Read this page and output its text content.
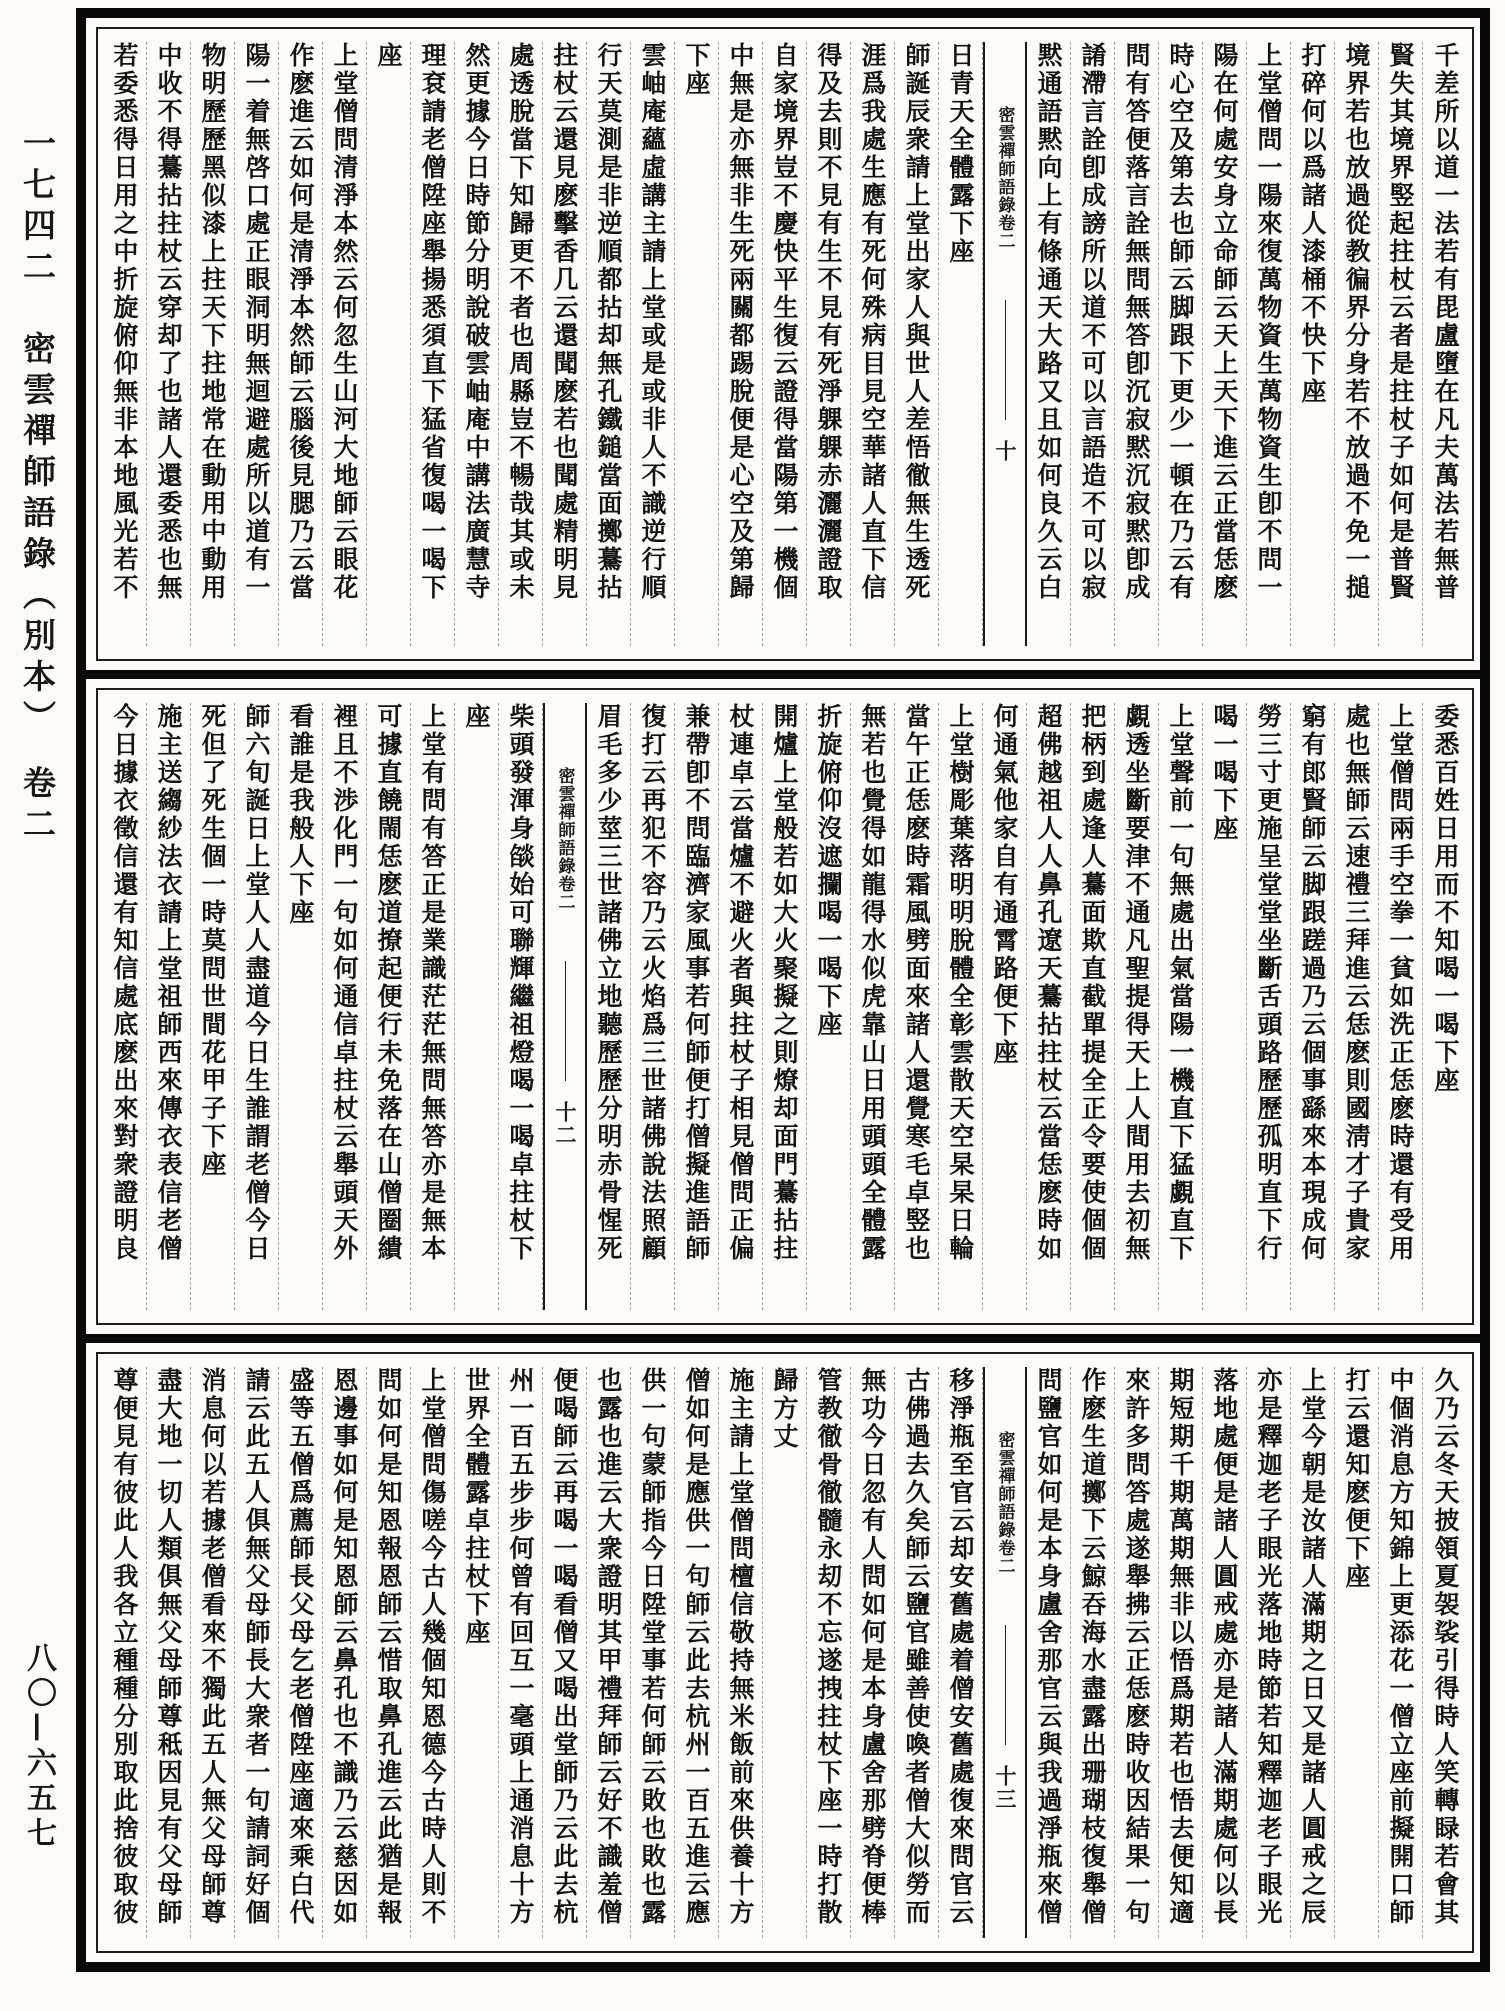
一七四二　密雲禪師語錄（別本）　卷二
八〇—六五七
千差所以道一法若有毘盧墮在凡夫萬法若無普
賢失其境界竪起拄杖云者是拄杖子如何是普賢
境界若也放過從教徧界分身若不放過不免一搥
打碎何以爲諸人漆桶不快下座
上堂僧問一陽來復萬物資生萬物資生卽不問一
陽在何處安身立命師云天上天下進云正當恁麽
時心空及第去也師云脚跟下更少一頓在乃云有
問有答便落言詮無問無答卽沉寂黙沉寂黙卽成
誵滯言詮卽成謗所以道不可以言語造不可以寂
黙通語黙向上有條通天大路又且如何良久云白
密雲禪師語錄卷二
十
日青天全體露下座
師誕辰衆請上堂出家人與世人差悟徹無生透死
涯爲我處生應有死何殊病目見空華諸人直下信
得及去則不見有生不見有死淨躶躶赤灑灑證取
自家境界豈不慶快平生復云證得當陽第一機個
中無是亦無非生死兩關都踢脫便是心空及第歸
下座
雲岫庵蘊虛講主請上堂或是或非人不識逆行順
行天莫測是非逆順都拈却無孔鐵鎚當面擲驀拈
拄杖云還見麽擊香几云還聞麽若也聞處精明見
處透脫當下知歸更不者也周縣豈不暢哉其或未
然更據今日時節分明說破雲岫庵中講法廣慧寺
理袞請老僧陞座舉揚悉須直下猛省復喝一喝下
座
上堂僧問清淨本然云何忽生山河大地師云眼花
作麽進云如何是清淨本然師云腦後見腮乃云當
陽一着無啓口處正眼洞明無迴避處所以道有一
物明歷歷黑似漆上拄天下拄地常在動用中動用
中收不得驀拈拄杖云穿却了也諸人還委悉也無
若委悉得日用之中折旋俯仰無非本地風光若不
委悉百姓日用而不知喝一喝下座
上堂僧問兩手空拳一貧如洗正恁麽時還有受用
處也無師云速禮三拜進云恁麽則國淸才子貴家
窮有郎賢師云脚跟蹉過乃云個事繇來本現成何
勞三寸更施呈堂堂坐斷舌頭路歷歷孤明直下行
喝一喝下座
上堂聲前一句無處出氣當陽一機直下猛覷直下
覷透坐斷要津不通凡聖提得天上人間用去初無
把柄到處逢人驀面欺直截單提全正令要使個個
超佛越祖人人鼻孔遼天驀拈拄杖云當恁麽時如
何通氣他家自有通霄路便下座
上堂樹彫葉落明明脫體全彰雲散天空杲杲日輪
當午正恁麽時霜風劈面來諸人還覺寒毛卓竪也
無若也覺得如龍得水似虎靠山日用頭頭全體露
折旋俯仰沒遮攔喝一喝下座
開爐上堂般若如大火聚擬之則燎却面門驀拈拄
杖連卓云當爐不避火者與拄杖子相見僧問正偏
兼帶卽不問臨濟家風事若何師便打僧擬進語師
復打云再犯不容乃云火焰爲三世諸佛說法照顧
眉毛多少莖三世諸佛立地聽歷歷分明赤骨惺死
密雲禪師語錄卷二
十二
柴頭發渾身燄始可聯輝繼祖燈喝一喝卓拄杖下
座
上堂有問有答正是業識茫茫無問無答亦是無本
可據直饒閙恁麽道撩起便行未免落在山僧圈繢
裡且不渉化門一句如何通信卓拄杖云舉頭天外
看誰是我般人下座
師六旬誕日上堂人人盡道今日生誰謂老僧今日
死但了死生個一時莫問世間花甲子下座
施主送縐紗法衣請上堂祖師西來傳衣表信老僧
今日據衣徵信還有知信處底麽出來對衆證明良
久乃云冬天披領夏袈裟引得時人笑轉睩若會其
中個消息方知錦上更添花一僧立座前擬開口師
打云還知麽便下座
上堂今朝是汝諸人滿期之日又是諸人圓戒之辰
亦是釋迦老子眼光落地時節若知釋迦老子眼光
落地處便是諸人圓戒處亦是諸人滿期處何以長
期短期千期萬期無非以悟爲期若也悟去便知適
來許多問答處遂舉拂云正恁麽時收因結果一句
作麽生道擲下云鯨吞海水盡露出珊瑚枝復舉僧
問鹽官如何是本身盧舍那官云與我過淨瓶來僧
密雲禪師語錄卷二
十三
移淨瓶至官云却安舊處着僧安舊處復來問官云
古佛過去久矣師云鹽官雖善使喚者僧大似勞而
無功今日忽有人問如何是本身盧舍那劈脊便棒
管教徹骨徹髓永刧不忘遂拽拄杖下座一時打散
歸方丈
施主請上堂僧問檀信敬持無米飯前來供養十方
僧如何是應供一句師云此去杭州一百五進云應
供一句蒙師指今日陞堂事若何師云敗也敗也露
也露也進云大衆證明其甲禮拜師云好不識羞僧
便喝師云再喝一喝看僧又喝出堂師乃云此去杭
州一百五步步何曾有回互一毫頭上通消息十方
世界全體露卓拄杖下座
上堂僧問傷嗟今古人幾個知恩德今古時人則不
問如何是知恩報恩師云惜取鼻孔進云此猶是報
恩邊事如何是知恩師云鼻孔也不識乃云慈因如
盛等五僧爲薦師長父母乞老僧陞座適來乘白代
請云此五人俱無父母師長大衆者一句請詞好個
消息何以若據老僧看來不獨此五人無父母師尊
盡大地一切人類俱無父母師尊秪因見有父母師
尊便見有彼此人我各立種種分別取此捨彼取彼
